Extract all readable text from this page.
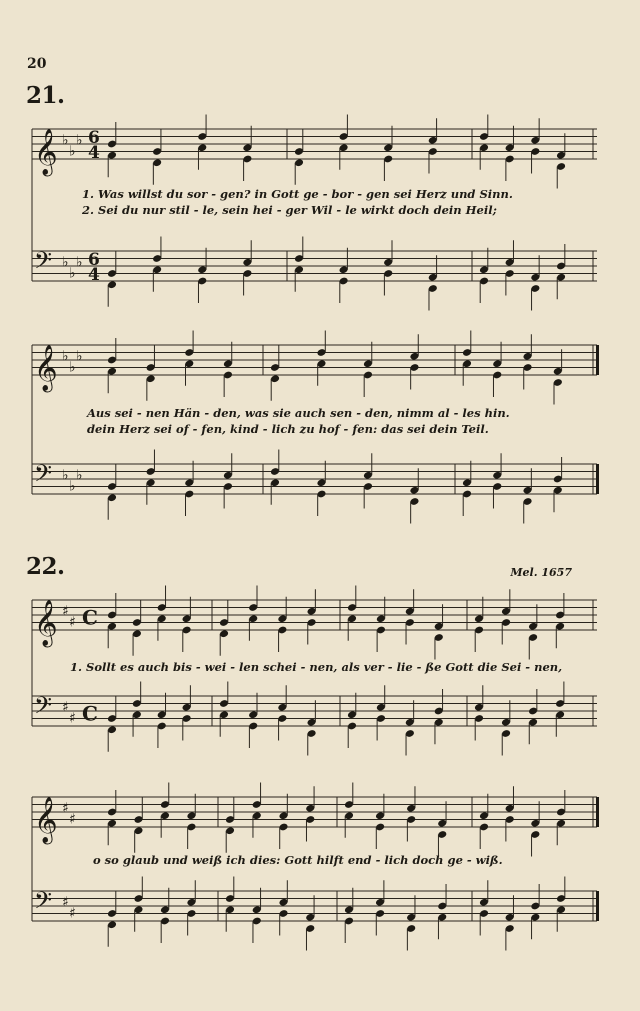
20
21.
22.	Mel. 1657
𝄞 ♭
♭
♭ 6
4
𝄢 ♭
♭
♭ 6
4
𝄞 ♭
♭
♭
𝄢 ♭
♭
♭
𝄞 ♯
♯ C
𝄢 ♯
♯ C
𝄞 ♯
♯
𝄢 ♯
♯
1. Was willst du sor - gen? in Gott ge - bor - gen sei Herz und Sinn.
2. Sei du nur stil - le, sein hei - ger Wil - le wirkt doch dein Heil;
Aus sei - nen Hän - den, was sie auch sen - den, nimm al - les hin.
dein Herz sei of - fen, kind - lich zu hof - fen: das sei dein Teil.
1. Sollt es auch bis - wei - len schei - nen, als ver - lie - ße Gott die Sei - nen,
o so glaub und weiß ich dies: Gott hilft end - lich doch ge - wiß.
